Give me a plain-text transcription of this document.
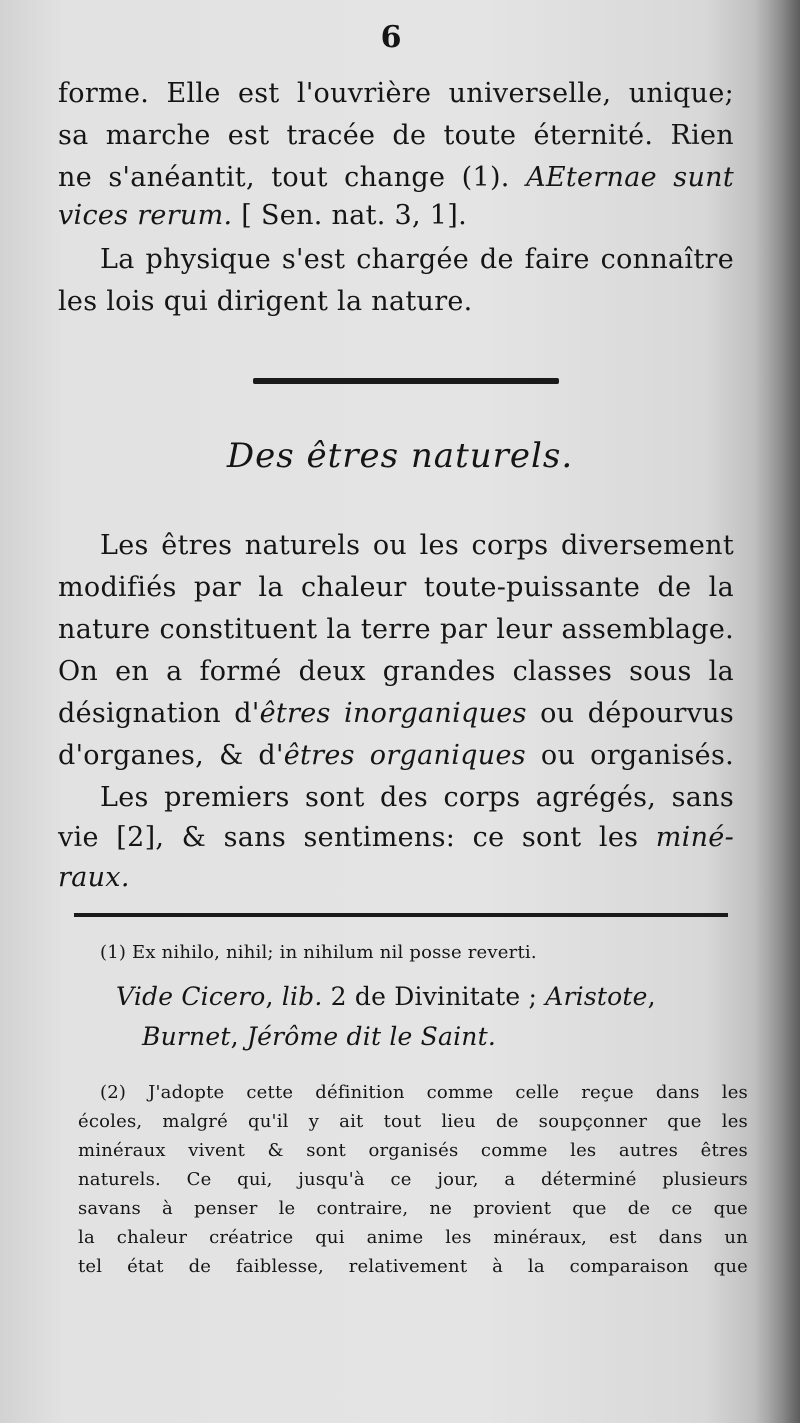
6
forme. Elle est l'ouvrière universelle, unique;
sa marche est tracée de toute éternité. Rien
ne s'anéantit, tout change (1). AEternae sunt
vices rerum. [ Sen. nat. 3, 1].
La physique s'est chargée de faire connaître
les lois qui dirigent la nature.
Des êtres naturels.
Les êtres naturels ou les corps diversement
modifiés par la chaleur toute-puissante de la
nature constituent la terre par leur assemblage.
On en a formé deux grandes classes sous la
désignation d'êtres inorganiques ou dépourvus
d'organes, & d'êtres organiques ou organisés.
Les premiers sont des corps agrégés, sans
vie [2], & sans sentimens: ce sont les miné-
raux.
(1) Ex nihilo, nihil; in nihilum nil posse reverti.
Vide Cicero, lib. 2 de Divinitate ; Aristote,
Burnet, Jérôme dit le Saint.
(2) J'adopte cette définition comme celle reçue dans les
écoles, malgré qu'il y ait tout lieu de soupçonner que les
minéraux vivent & sont organisés comme les autres êtres
naturels. Ce qui, jusqu'à ce jour, a déterminé plusieurs
savans à penser le contraire, ne provient que de ce que
la chaleur créatrice qui anime les minéraux, est dans un
tel état de faiblesse, relativement à la comparaison que
